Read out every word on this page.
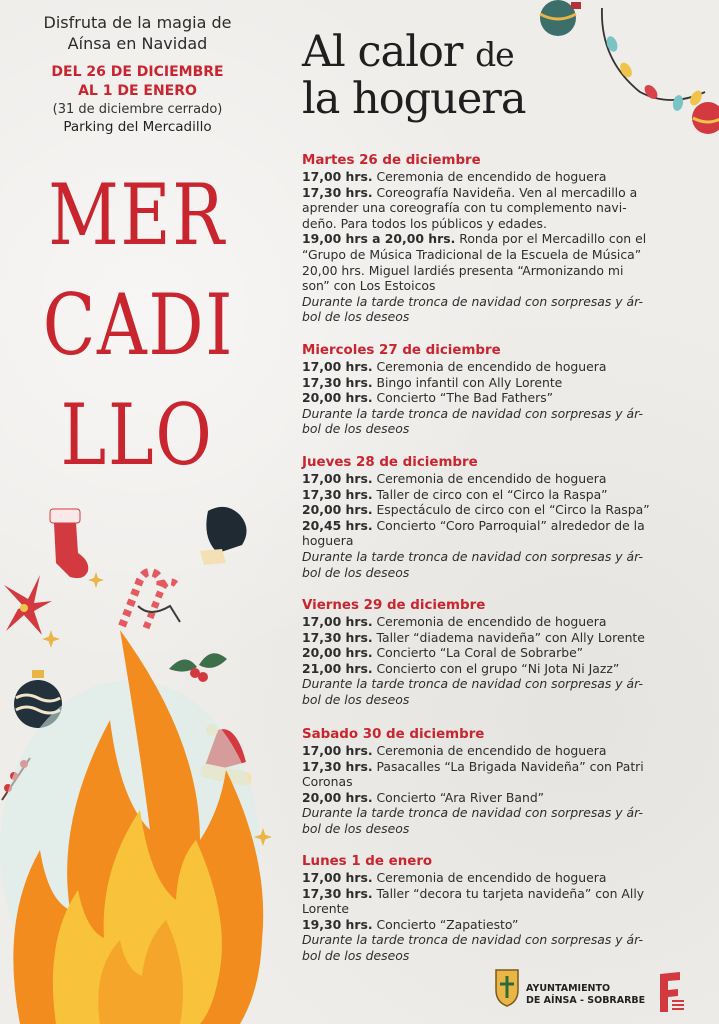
Disfruta de la magia de
Aínsa en Navidad
DEL 26 DE DICIEMBRE
AL 1 DE ENERO
(31 de diciembre cerrado)
Parking del Mercadillo
MER
CADI
LLO
Al calor de
la hoguera
Martes 26 de diciembre
17,00 hrs. Ceremonia de encendido de hoguera
17,30 hrs. Coreografía Navideña. Ven al mercadillo a
aprender una coreografía con tu complemento navi-
deño. Para todos los públicos y edades.
19,00 hrs a 20,00 hrs. Ronda por el Mercadillo con el
“Grupo de Música Tradicional de la Escuela de Música”
20,00 hrs. Miguel lardiés presenta “Armonizando mi
son” con Los Estoicos
Durante la tarde tronca de navidad con sorpresas y ár-
bol de los deseos
Miercoles 27 de diciembre
17,00 hrs. Ceremonia de encendido de hoguera
17,30 hrs. Bingo infantil con Ally Lorente
20,00 hrs. Concierto “The Bad Fathers”
Durante la tarde tronca de navidad con sorpresas y ár-
bol de los deseos
Jueves 28 de diciembre
17,00 hrs. Ceremonia de encendido de hoguera
17,30 hrs. Taller de circo con el “Circo la Raspa”
20,00 hrs. Espectáculo de circo con el “Circo la Raspa”
20,45 hrs. Concierto “Coro Parroquial” alrededor de la
hoguera
Durante la tarde tronca de navidad con sorpresas y ár-
bol de los deseos
Viernes 29 de diciembre
17,00 hrs. Ceremonia de encendido de hoguera
17,30 hrs. Taller “diadema navideña” con Ally Lorente
20,00 hrs. Concierto “La Coral de Sobrarbe”
21,00 hrs. Concierto con el grupo “Ni Jota Ni Jazz”
Durante la tarde tronca de navidad con sorpresas y ár-
bol de los deseos
Sabado 30 de diciembre
17,00 hrs. Ceremonia de encendido de hoguera
17,30 hrs. Pasacalles “La Brigada Navideña” con Patri
Coronas
20,00 hrs. Concierto “Ara River Band”
Durante la tarde tronca de navidad con sorpresas y ár-
bol de los deseos
Lunes 1 de enero
17,00 hrs. Ceremonia de encendido de hoguera
17,30 hrs. Taller “decora tu tarjeta navideña” con Ally
Lorente
19,30 hrs. Concierto “Zapatiesto”
Durante la tarde tronca de navidad con sorpresas y ár-
bol de los deseos
AYUNTAMIENTO
DE AÍNSA - SOBRARBE
